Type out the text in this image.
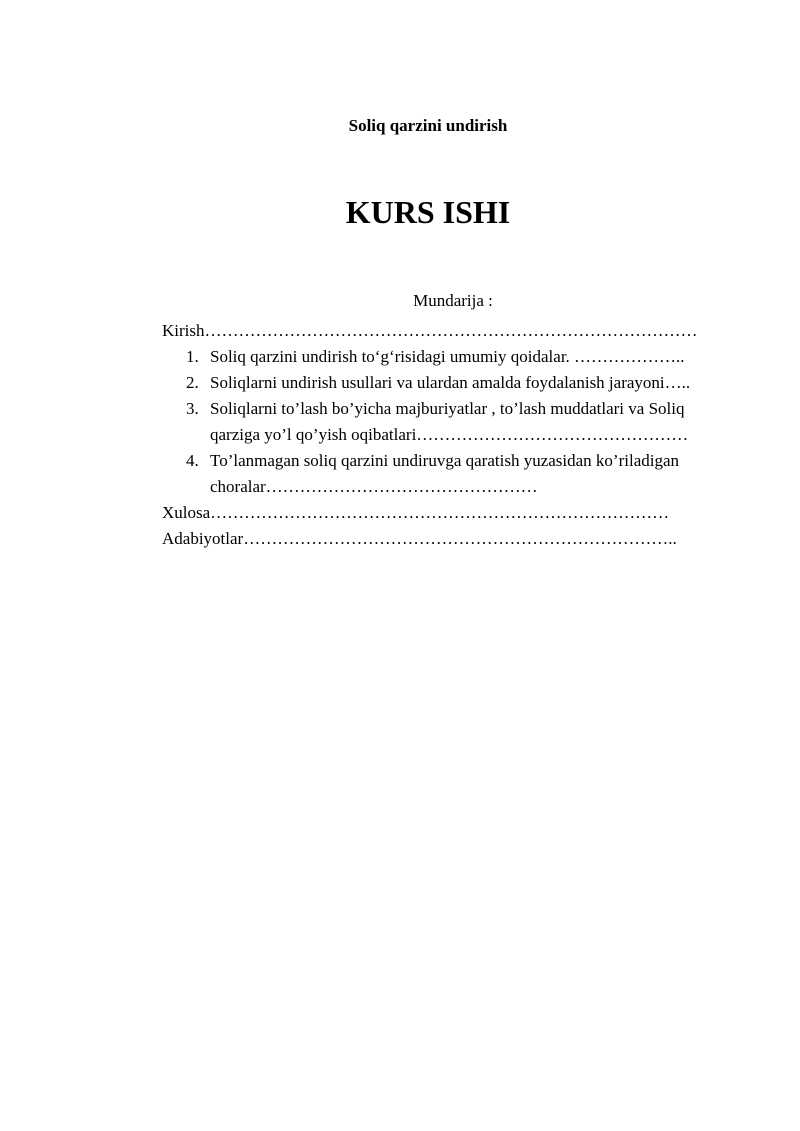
Soliq qarzini undirish
KURS ISHI
Mundarija :
Kirish……………………………………………………………………………
1. Soliq qarzini undirish to‘g‘risidagi umumiy qoidalar. ………………..
2. Soliqlarni undirish usullari va ulardan amalda foydalanish jarayoni…..
3. Soliqlarni to’lash bo’yicha majburiyatlar , to’lash muddatlari va Soliq
qarziga yo’l qo’yish oqibatlari…………………………………………
4. To’lanmagan soliq qarzini undiruvga qaratish yuzasidan ko’riladigan
choralar…………………………………………
Xulosa………………………………………………………………………
Adabiyotlar…………………………………………………………………..
